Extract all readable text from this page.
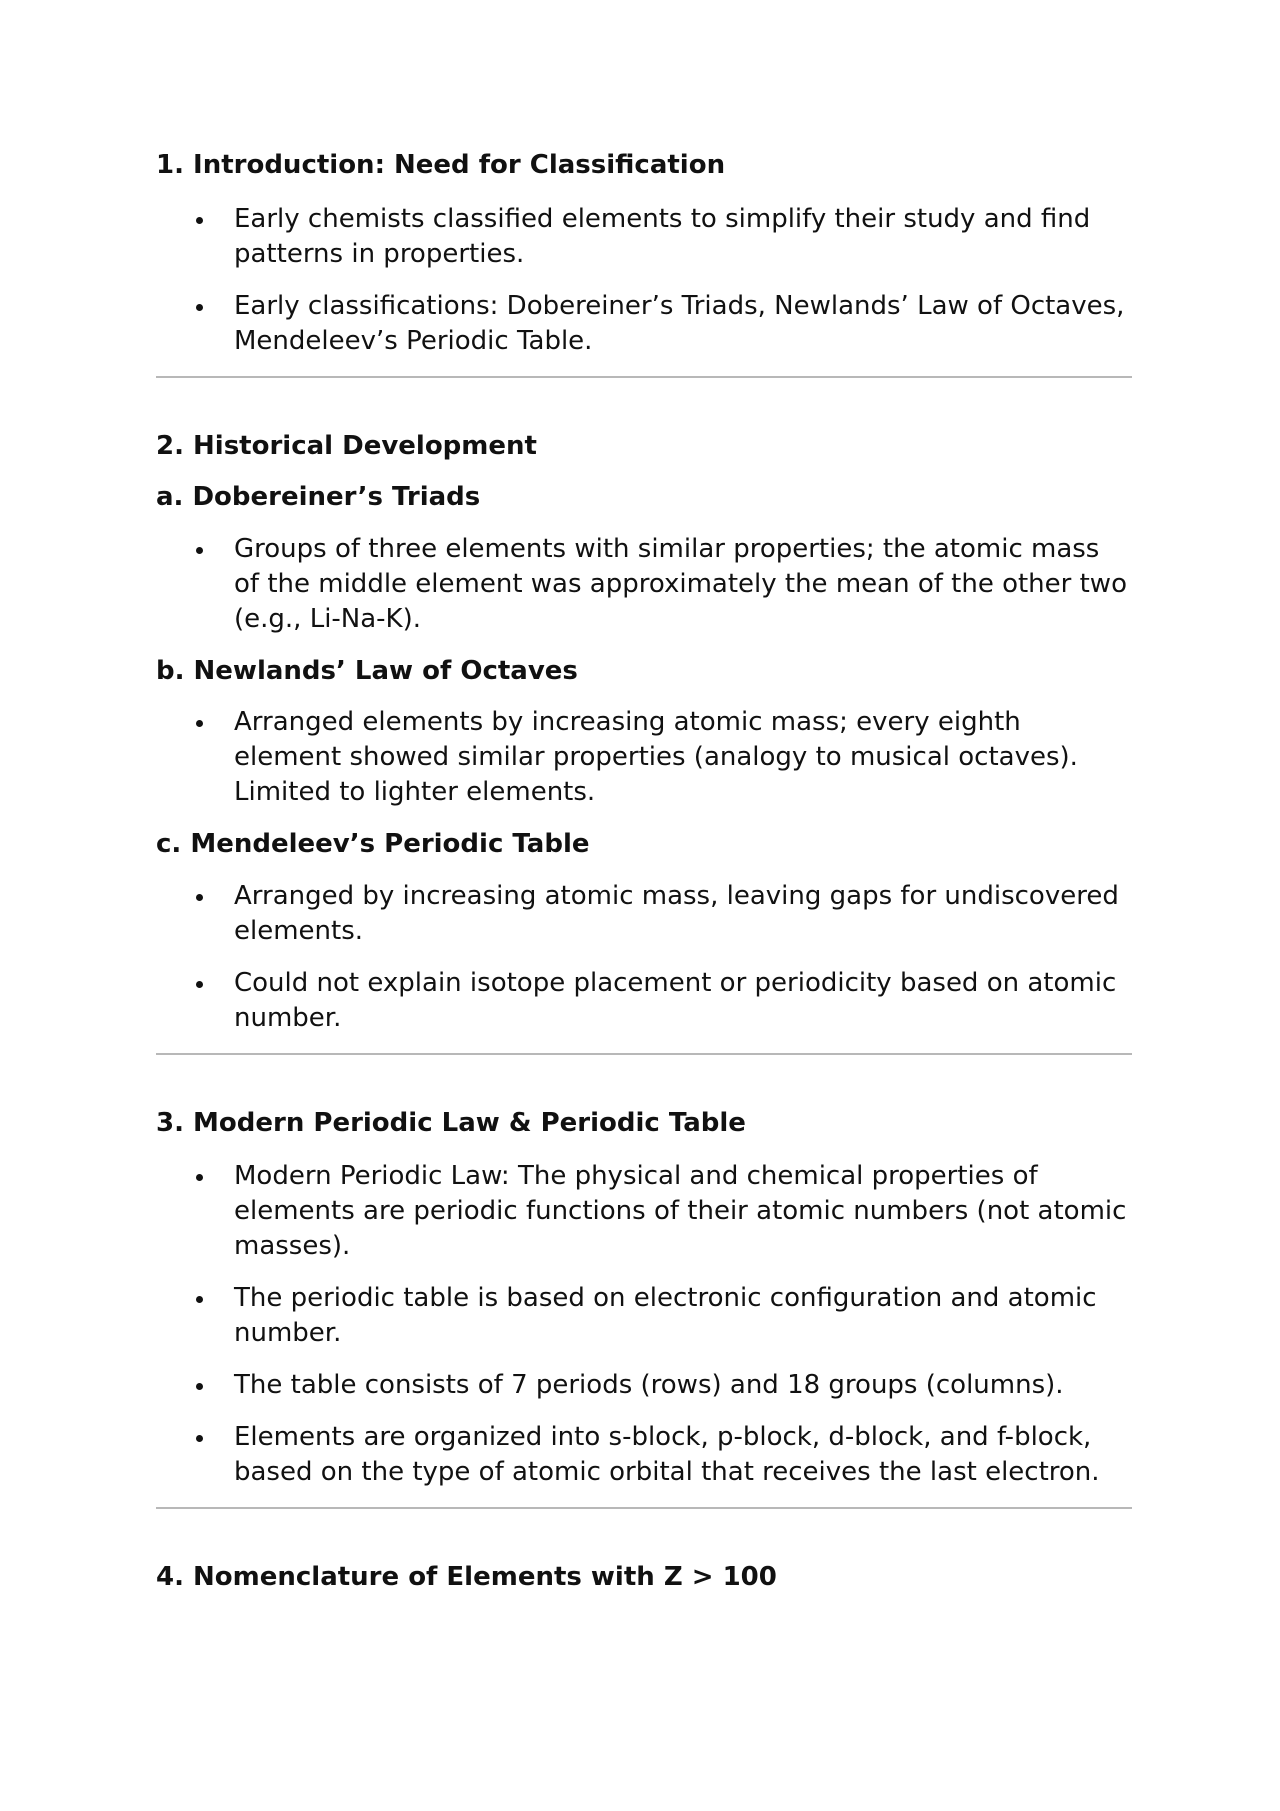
1. Introduction: Need for Classification
Early chemists classified elements to simplify their study and find patterns in properties.
Early classifications: Dobereiner’s Triads, Newlands’ Law of Octaves, Mendeleev’s Periodic Table.
2. Historical Development
a. Dobereiner’s Triads
Groups of three elements with similar properties; the atomic mass of the middle element was approximately the mean of the other two (e.g., Li-Na-K).
b. Newlands’ Law of Octaves
Arranged elements by increasing atomic mass; every eighth element showed similar properties (analogy to musical octaves). Limited to lighter elements.
c. Mendeleev’s Periodic Table
Arranged by increasing atomic mass, leaving gaps for undiscovered elements.
Could not explain isotope placement or periodicity based on atomic number.
3. Modern Periodic Law & Periodic Table
Modern Periodic Law: The physical and chemical properties of elements are periodic functions of their atomic numbers (not atomic masses).
The periodic table is based on electronic configuration and atomic number.
The table consists of 7 periods (rows) and 18 groups (columns).
Elements are organized into s-block, p-block, d-block, and f-block, based on the type of atomic orbital that receives the last electron.
4. Nomenclature of Elements with Z > 100
